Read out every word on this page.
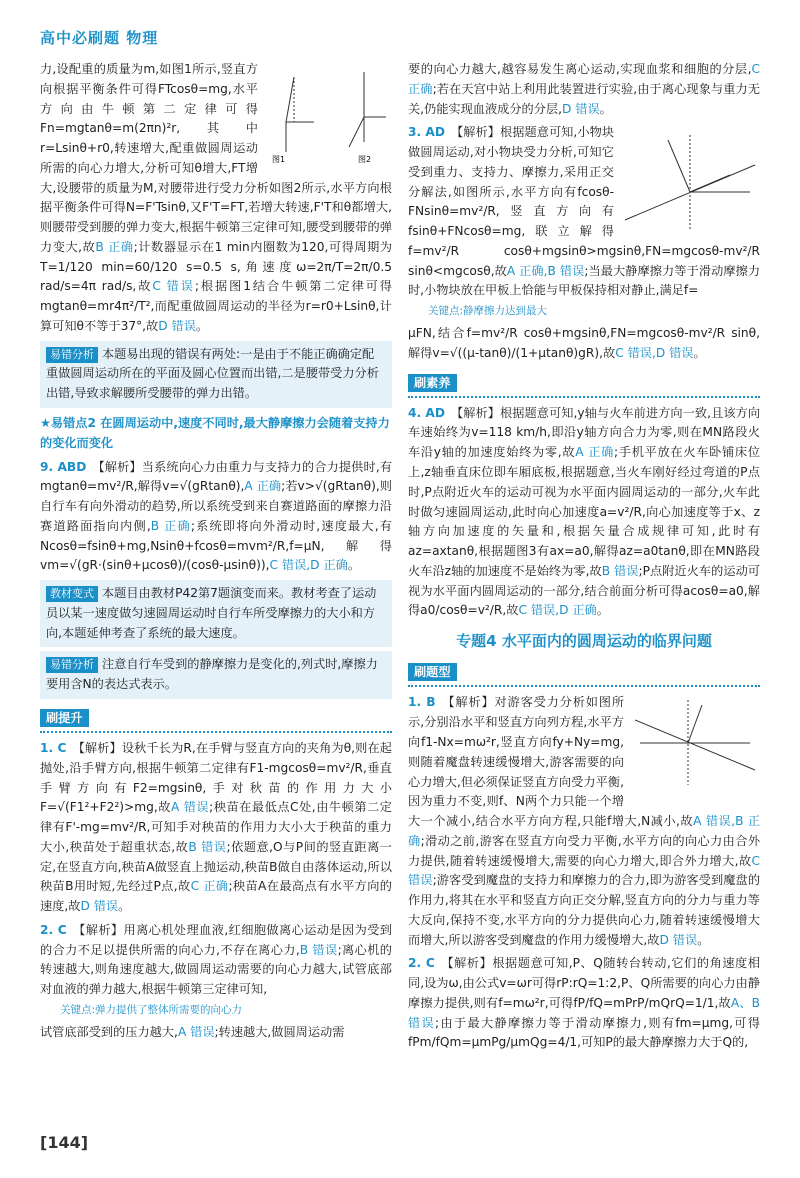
高中必刷题 物理
图1	图2

力,设配重的质量为m,如图1所示,竖直方向根据平衡条件可得FTcosθ=mg,水平方向由牛顿第二定律可得Fn=mgtanθ=m(2πn)²r,其中r=Lsinθ+r0,转速增大,配重做圆周运动所需的向心力增大,分析可知θ增大,FT增大,设腰带的质量为M,对腰带进行受力分析如图2所示,水平方向根据平衡条件可得N=F'Tsinθ,又F'T=FT,若增大转速,F'T和θ都增大,则腰带受到腰的弹力变大,根据牛顿第三定律可知,腰受到腰带的弹力变大,故B 正确;计数器显示在1 min内圈数为120,可得周期为T=1/120 min=60/120 s=0.5 s,角速度ω=2π/T=2π/0.5 rad/s=4π rad/s,故C 错误;根据图1结合牛顿第二定律可得mgtanθ=mr4π²/T²,而配重做圆周运动的半径为r=r0+Lsinθ,计算可知θ不等于37°,故D 错误。

易错分析 本题易出现的错误有两处:一是由于不能正确确定配重做圆周运动所在的平面及圆心位置而出错,二是腰带受力分析出错,导致求解腰所受腰带的弹力出错。
★易错点2 在圆周运动中,速度不同时,最大静摩擦力会随着支持力的变化而变化

9. ABD 【解析】当系统向心力由重力与支持力的合力提供时,有mgtanθ=mv²/R,解得v=√(gRtanθ),A 正确;若v>√(gRtanθ),则自行车有向外滑动的趋势,所以系统受到来自赛道路面的摩擦力沿赛道路面指向内侧,B 正确;系统即将向外滑动时,速度最大,有Ncosθ=fsinθ+mg,Nsinθ+fcosθ=mvm²/R,f=μN,解得vm=√(gR·(sinθ+μcosθ)/(cosθ-μsinθ)),C 错误,D 正确。

教材变式 本题目由教材P42第7题演变而来。教材考查了运动员以某一速度做匀速圆周运动时自行车所受摩擦力的大小和方向,本题延伸考查了系统的最大速度。
易错分析 注意自行车受到的静摩擦力是变化的,列式时,摩擦力要用含N的表达式表示。
刷提升

1. C 【解析】设秋千长为R,在手臂与竖直方向的夹角为θ,则在起抛处,沿手臂方向,根据牛顿第二定律有F1-mgcosθ=mv²/R,垂直手臂方向有F2=mgsinθ,手对秋苗的作用力大小F=√(F1²+F2²)>mg,故A 错误;秧苗在最低点C处,由牛顿第二定律有F'-mg=mv²/R,可知手对秧苗的作用力大小大于秧苗的重力大小,秧苗处于超重状态,故B 错误;依题意,O与P间的竖直距离一定,在竖直方向,秧苗A做竖直上抛运动,秧苗B做自由落体运动,所以秧苗B用时短,先经过P点,故C 正确;秧苗A在最高点有水平方向的速度,故D 错误。

2. C 【解析】用离心机处理血液,红细胞做离心运动是因为受到的合力不足以提供所需的向心力,不存在离心力,B 错误;离心机的转速越大,则角速度越大,做圆周运动需要的向心力越大,试管底部对血液的弹力越大,根据牛顿第三定律可知,

关键点:弹力提供了整体所需要的向心力

试管底部受到的压力越大,A 错误;转速越大,做圆周运动需

要的向心力越大,越容易发生离心运动,实现血浆和细胞的分层,C 正确;若在天宫中站上利用此装置进行实验,由于离心现象与重力无关,仍能实现血液成分的分层,D 错误。

3. AD 【解析】根据题意可知,小物块做圆周运动,对小物块受力分析,可知它受到重力、支持力、摩擦力,采用正交分解法,如图所示,水平方向有fcosθ-FNsinθ=mv²/R,竖直方向有fsinθ+FNcosθ=mg,联立解得f=mv²/R cosθ+mgsinθ>mgsinθ,FN=mgcosθ-mv²/R sinθ<mgcosθ,故A 正确,B 错误;当最大静摩擦力等于滑动摩擦力时,小物块放在甲板上恰能与甲板保持相对静止,满足f=

关键点:静摩擦力达到最大

μFN,结合f=mv²/R cosθ+mgsinθ,FN=mgcosθ-mv²/R sinθ,解得v=√((μ-tanθ)/(1+μtanθ)gR),故C 错误,D 错误。

刷素养

4. AD 【解析】根据题意可知,y轴与火车前进方向一致,且该方向车速始终为v=118 km/h,即沿y轴方向合力为零,则在MN路段火车沿y轴的加速度始终为零,故A 正确;手机平放在火车卧铺床位上,z轴垂直床位即车厢底板,根据题意,当火车刚好经过弯道的P点时,P点附近火车的运动可视为水平面内圆周运动的一部分,火车此时做匀速圆周运动,此时向心加速度a=v²/R,向心加速度等于x、z轴方向加速度的矢量和,根据矢量合成规律可知,此时有az=axtanθ,根据题图3有ax=a0,解得az=a0tanθ,即在MN路段火车沿z轴的加速度不是始终为零,故B 错误;P点附近火车的运动可视为水平面内圆周运动的一部分,结合前面分析可得acosθ=a0,解得a0/cosθ=v²/R,故C 错误,D 正确。

专题4 水平面内的圆周运动的临界问题
刷题型

1. B 【解析】对游客受力分析如图所示,分别沿水平和竖直方向列方程,水平方向f1-Nx=mω²r,竖直方向fy+Ny=mg,则随着魔盘转速缓慢增大,游客需要的向心力增大,但必须保证竖直方向受力平衡,因为重力不变,则f、N两个力只能一个增大一个减小,结合水平方向方程,只能f增大,N减小,故A 错误,B 正确;滑动之前,游客在竖直方向受力平衡,水平方向的向心力由合外力提供,随着转速缓慢增大,需要的向心力增大,即合外力增大,故C 错误;游客受到魔盘的支持力和摩擦力的合力,即为游客受到魔盘的作用力,将其在水平和竖直方向正交分解,竖直方向的分力与重力等大反向,保持不变,水平方向的分力提供向心力,随着转速缓慢增大而增大,所以游客受到魔盘的作用力缓慢增大,故D 错误。

2. C 【解析】根据题意可知,P、Q随转台转动,它们的角速度相同,设为ω,由公式v=ωr可得rP:rQ=1:2,P、Q所需要的向心力由静摩擦力提供,则有f=mω²r,可得fP/fQ=mPrP/mQrQ=1/1,故A、B 错误;由于最大静摩擦力等于滑动摩擦力,则有fm=μmg,可得fPm/fQm=μmPg/μmQg=4/1,可知P的最大静摩擦力大于Q的,

[144]
